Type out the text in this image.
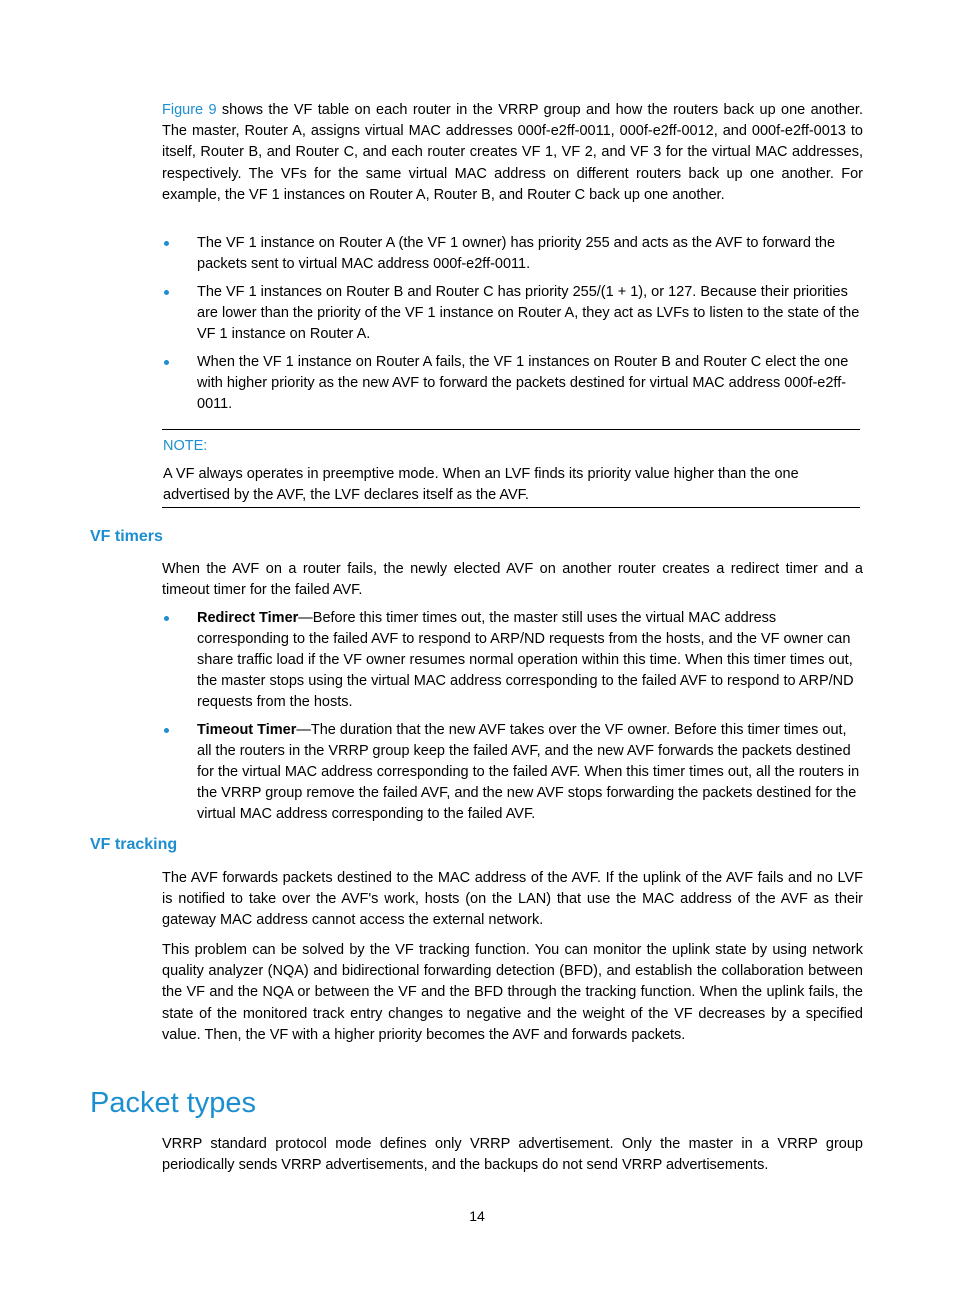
Figure 9 shows the VF table on each router in the VRRP group and how the routers back up one another. The master, Router A, assigns virtual MAC addresses 000f-e2ff-0011, 000f-e2ff-0012, and 000f-e2ff-0013 to itself, Router B, and Router C, and each router creates VF 1, VF 2, and VF 3 for the virtual MAC addresses, respectively. The VFs for the same virtual MAC address on different routers back up one another. For example, the VF 1 instances on Router A, Router B, and Router C back up one another.

The VF 1 instance on Router A (the VF 1 owner) has priority 255 and acts as the AVF to forward the packets sent to virtual MAC address 000f-e2ff-0011.
The VF 1 instances on Router B and Router C has priority 255/(1 + 1), or 127. Because their priorities are lower than the priority of the VF 1 instance on Router A, they act as LVFs to listen to the state of the VF 1 instance on Router A.
When the VF 1 instance on Router A fails, the VF 1 instances on Router B and Router C elect the one with higher priority as the new AVF to forward the packets destined for virtual MAC address 000f-e2ff-0011.
NOTE:
A VF always operates in preemptive mode. When an LVF finds its priority value higher than the one advertised by the AVF, the LVF declares itself as the AVF.
VF timers

When the AVF on a router fails, the newly elected AVF on another router creates a redirect timer and a timeout timer for the failed AVF.

Redirect Timer—Before this timer times out, the master still uses the virtual MAC address corresponding to the failed AVF to respond to ARP/ND requests from the hosts, and the VF owner can share traffic load if the VF owner resumes normal operation within this time. When this timer times out, the master stops using the virtual MAC address corresponding to the failed AVF to respond to ARP/ND requests from the hosts.
Timeout Timer—The duration that the new AVF takes over the VF owner. Before this timer times out, all the routers in the VRRP group keep the failed AVF, and the new AVF forwards the packets destined for the virtual MAC address corresponding to the failed AVF. When this timer times out, all the routers in the VRRP group remove the failed AVF, and the new AVF stops forwarding the packets destined for the virtual MAC address corresponding to the failed AVF.
VF tracking

The AVF forwards packets destined to the MAC address of the AVF. If the uplink of the AVF fails and no LVF is notified to take over the AVF's work, hosts (on the LAN) that use the MAC address of the AVF as their gateway MAC address cannot access the external network.

This problem can be solved by the VF tracking function. You can monitor the uplink state by using network quality analyzer (NQA) and bidirectional forwarding detection (BFD), and establish the collaboration between the VF and the NQA or between the VF and the BFD through the tracking function. When the uplink fails, the state of the monitored track entry changes to negative and the weight of the VF decreases by a specified value. Then, the VF with a higher priority becomes the AVF and forwards packets.

Packet types

VRRP standard protocol mode defines only VRRP advertisement. Only the master in a VRRP group periodically sends VRRP advertisements, and the backups do not send VRRP advertisements.

14
